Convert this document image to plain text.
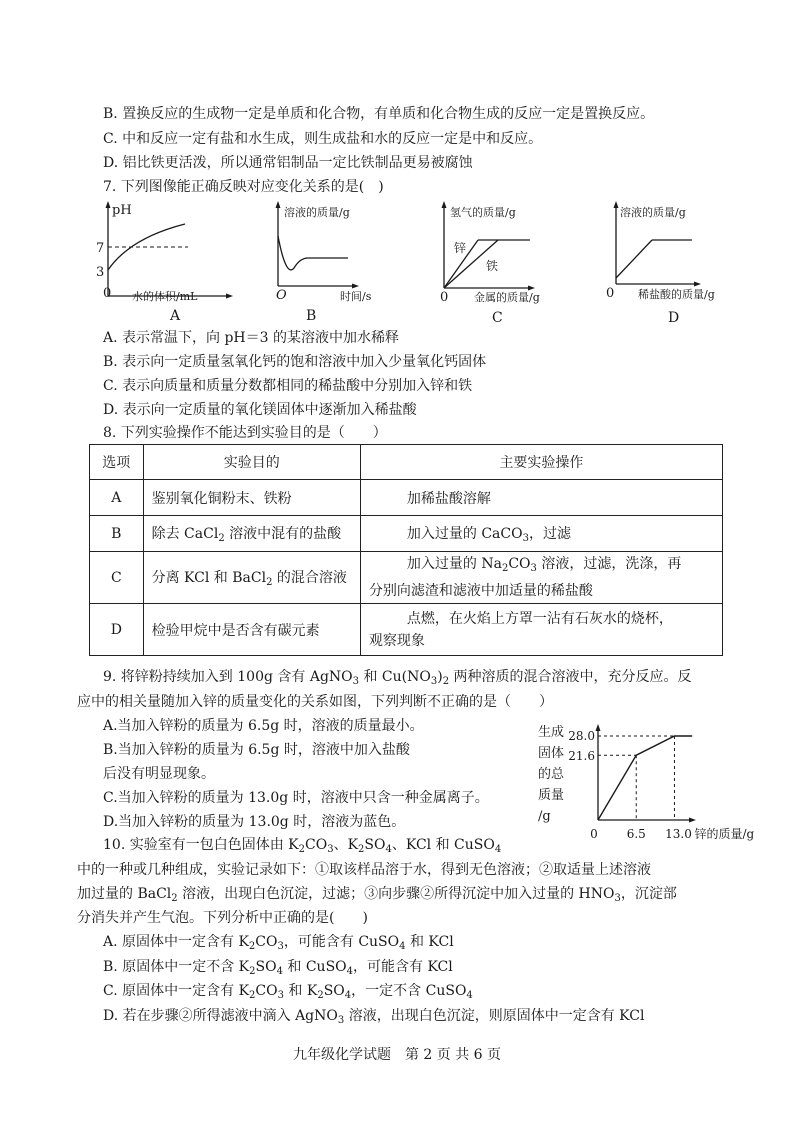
B. 置换反应的生成物一定是单质和化合物，有单质和化合物生成的反应一定是置换反应。
C. 中和反应一定有盐和水生成，则生成盐和水的反应一定是中和反应。
D. 铝比铁更活泼，所以通常铝制品一定比铁制品更易被腐蚀
7. 下列图像能正确反映对应变化关系的是(　)
pH
7
3
0 水的体积/mL
A
溶液的质量/g
O	时间/s
B
氢气的质量/g
锌
铁
0 金属的质量/g
C
溶液的质量/g
0 稀盐酸的质量/g
D
A. 表示常温下，向 pH＝3 的某溶液中加水稀释
B. 表示向一定质量氢氧化钙的饱和溶液中加入少量氧化钙固体
C. 表示向质量和质量分数都相同的稀盐酸中分别加入锌和铁
D. 表示向一定质量的氧化镁固体中逐渐加入稀盐酸
8. 下列实验操作不能达到实验目的是（　　）
选项	实验目的	主要实验操作
A	鉴别氧化铜粉末、铁粉	加稀盐酸溶解
B	除去 CaCl$_2$ 溶液中混有的盐酸	加入过量的 CaCO$_3$，过滤
C	分离 KCl 和 BaCl$_2$ 的混合溶液	加入过量的 $Na_2CO_3$ 溶液，过滤，洗涤，再
分别向滤渣和滤液中加适量的稀盐酸

D	检验甲烷中是否含有碳元素	点燃，在火焰上方罩一沾有石灰水的烧杯，
观察现象
9. 将锌粉持续加入到 100g 含有 AgNO$_3$ 和 $Cu(NO_3)_2$ 两种溶质的混合溶液中，充分反应。反
应中的相关量随加入锌的质量变化的关系如图，下列判断不正确的是（　　）
A.当加入锌粉的质量为 6.5g 时，溶液的质量最小。
B.当加入锌粉的质量为 6.5g 时，溶液中加入盐酸
后没有明显现象。
C.当加入锌粉的质量为 13.0g 时，溶液中只含一种金属离子。
D.当加入锌粉的质量为 13.0g 时，溶液为蓝色。
生成
固体
的总
质量
/g
28.0
21.6
0 6.5 13.0 锌的质量/g
10. 实验室有一包白色固体由 $K_2CO_3$、$K_2SO_4$、KCl 和 CuSO$_4$
中的一种或几种组成，实验记录如下：①取该样品溶于水，得到无色溶液；②取适量上述溶液
加过量的 BaCl$_2$ 溶液，出现白色沉淀，过滤；③向步骤②所得沉淀中加入过量的 $HNO_3$，沉淀部
分消失并产生气泡。下列分析中正确的是(　　)
A. 原固体中一定含有 $K_2CO_3$，可能含有 CuSO$_4$ 和 KCl
B. 原固体中一定不含 $K_2SO_4$ 和 CuSO$_4$，可能含有 KCl
C. 原固体中一定含有 $K_2CO_3$ 和 $K_2SO_4$，一定不含 CuSO$_4$
D. 若在步骤②所得滤液中滴入 AgNO$_3$ 溶液，出现白色沉淀，则原固体中一定含有 KCl
九年级化学试题　第 2 页 共 6 页
